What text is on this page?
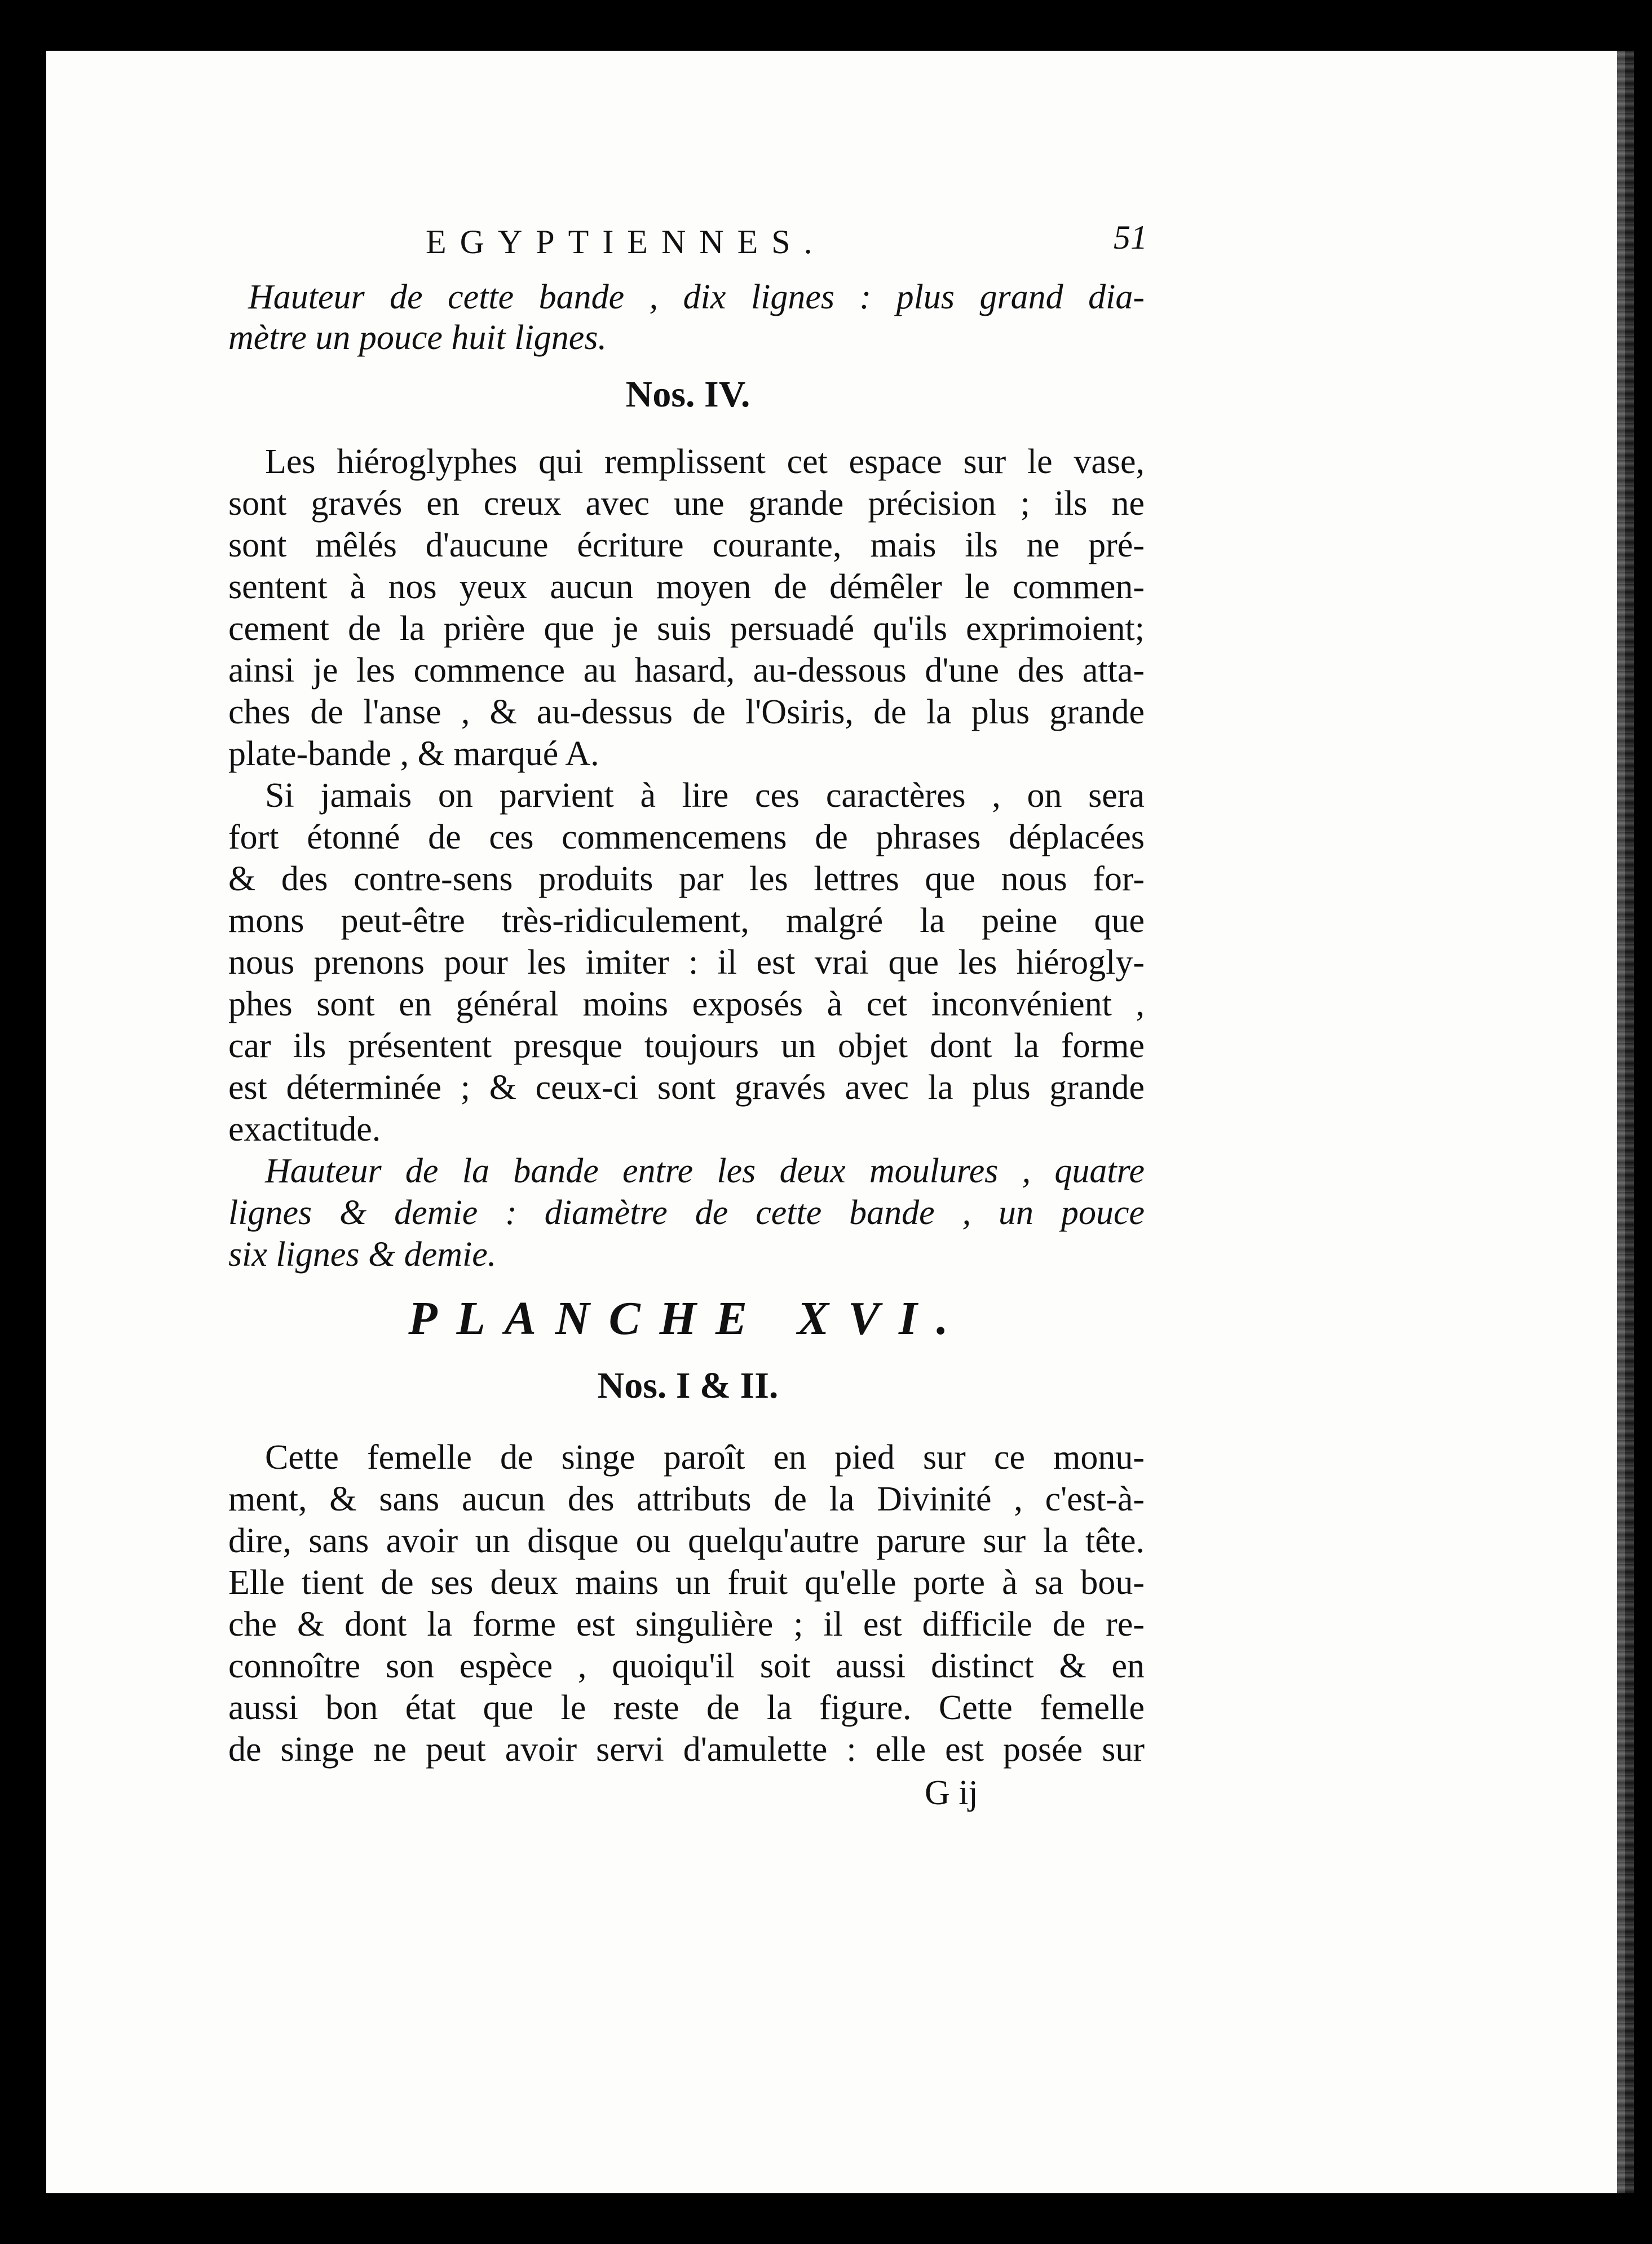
EGYPTIENNES.	51
Hauteur de cette bande , dix lignes : plus grand dia-
mètre un pouce huit lignes.
Nos. IV.
Les hiéroglyphes qui remplissent cet espace sur le vase,
sont gravés en creux avec une grande précision ; ils ne
sont mêlés d'aucune écriture courante, mais ils ne pré-
sentent à nos yeux aucun moyen de démêler le commen-
cement de la prière que je suis persuadé qu'ils exprimoient;
ainsi je les commence au hasard, au-dessous d'une des atta-
ches de l'anse , & au-dessus de l'Osiris, de la plus grande
plate-bande , & marqué A.
Si jamais on parvient à lire ces caractères , on sera
fort étonné de ces commencemens de phrases déplacées
& des contre-sens produits par les lettres que nous for-
mons peut-être très-ridiculement, malgré la peine que
nous prenons pour les imiter : il est vrai que les hiérogly-
phes sont en général moins exposés à cet inconvénient ,
car ils présentent presque toujours un objet dont la forme
est déterminée ; & ceux-ci sont gravés avec la plus grande
exactitude.
Hauteur de la bande entre les deux moulures , quatre
lignes & demie : diamètre de cette bande , un pouce
six lignes & demie.
PLANCHE XVI.
Nos. I & II.
Cette femelle de singe paroît en pied sur ce monu-
ment, & sans aucun des attributs de la Divinité , c'est-à-
dire, sans avoir un disque ou quelqu'autre parure sur la tête.
Elle tient de ses deux mains un fruit qu'elle porte à sa bou-
che & dont la forme est singulière ; il est difficile de re-
connoître son espèce , quoiqu'il soit aussi distinct & en
aussi bon état que le reste de la figure. Cette femelle
de singe ne peut avoir servi d'amulette : elle est posée sur
G ij
